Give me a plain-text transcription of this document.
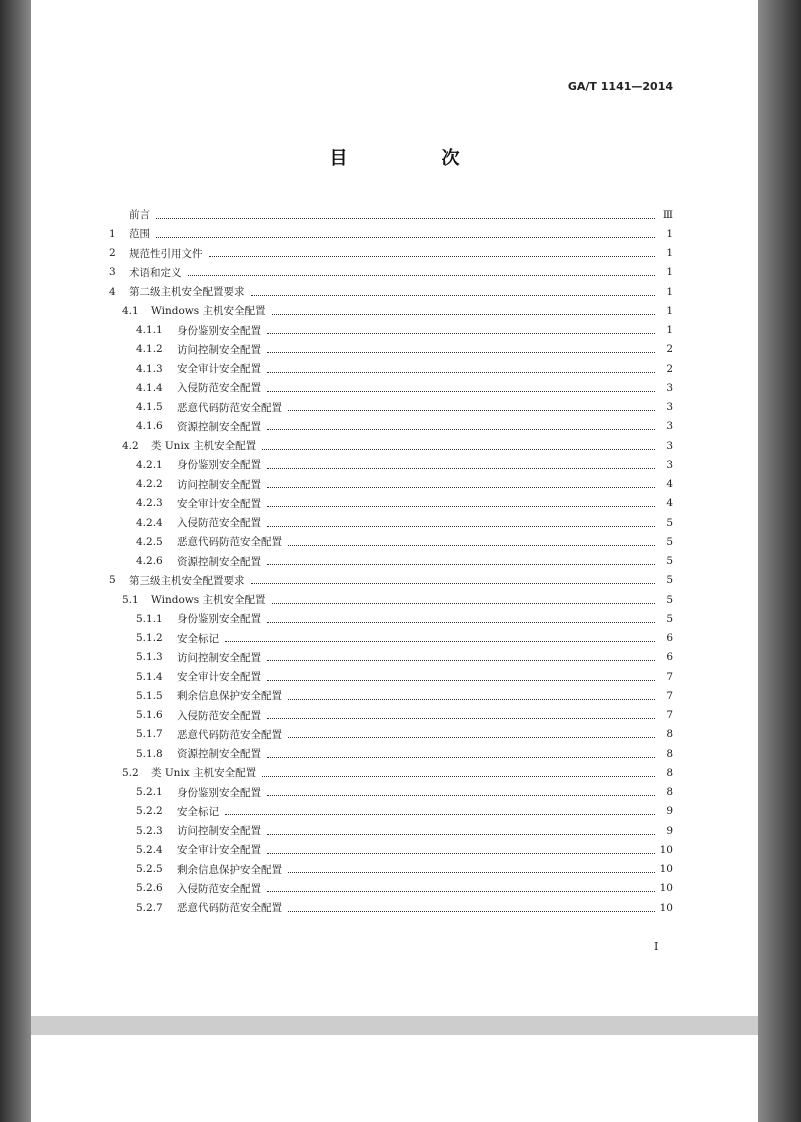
GA/T 1141—2014
目　次
前言	Ⅲ
1	范围	1
2	规范性引用文件	1
3	术语和定义	1
4	第二级主机安全配置要求	1
4.1	Windows 主机安全配置	1
4.1.1	身份鉴别安全配置	1
4.1.2	访问控制安全配置	2
4.1.3	安全审计安全配置	2
4.1.4	入侵防范安全配置	3
4.1.5	恶意代码防范安全配置	3
4.1.6	资源控制安全配置	3
4.2	类 Unix 主机安全配置	3
4.2.1	身份鉴别安全配置	3
4.2.2	访问控制安全配置	4
4.2.3	安全审计安全配置	4
4.2.4	入侵防范安全配置	5
4.2.5	恶意代码防范安全配置	5
4.2.6	资源控制安全配置	5
5	第三级主机安全配置要求	5
5.1	Windows 主机安全配置	5
5.1.1	身份鉴别安全配置	5
5.1.2	安全标记	6
5.1.3	访问控制安全配置	6
5.1.4	安全审计安全配置	7
5.1.5	剩余信息保护安全配置	7
5.1.6	入侵防范安全配置	7
5.1.7	恶意代码防范安全配置	8
5.1.8	资源控制安全配置	8
5.2	类 Unix 主机安全配置	8
5.2.1	身份鉴别安全配置	8
5.2.2	安全标记	9
5.2.3	访问控制安全配置	9
5.2.4	安全审计安全配置	10
5.2.5	剩余信息保护安全配置	10
5.2.6	入侵防范安全配置	10
5.2.7	恶意代码防范安全配置	10
I
